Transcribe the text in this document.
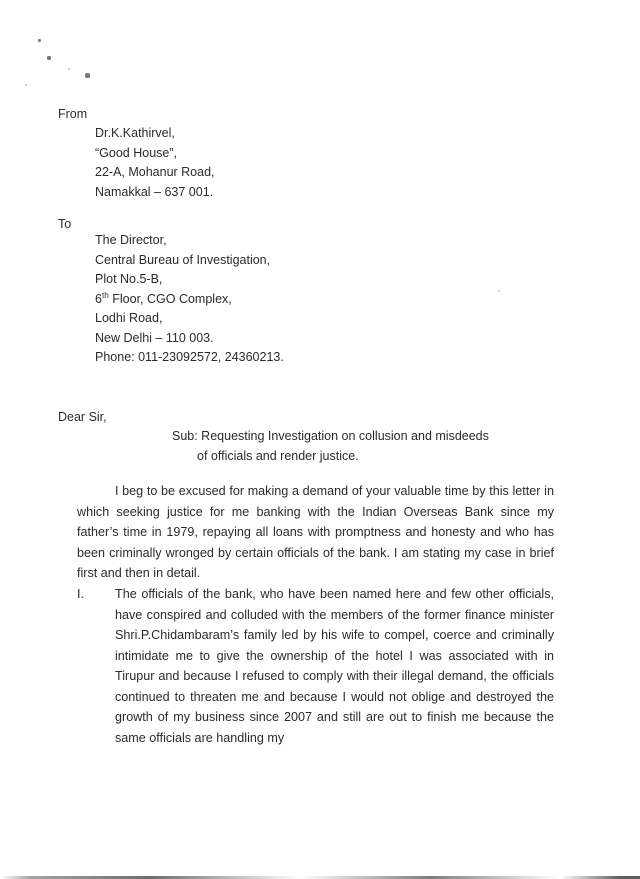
From
Dr.K.Kathirvel,
“Good House”,
22-A, Mohanur Road,
Namakkal – 637 001.
To
The Director,
Central Bureau of Investigation,
Plot No.5-B,
6th Floor, CGO Complex,
Lodhi Road,
New Delhi – 110 003.
Phone: 011-23092572, 24360213.
Dear Sir,
Sub: Requesting Investigation on collusion and misdeeds
of officials and render justice.
I beg to be excused for making a demand of your valuable time by this letter in which seeking justice for me banking with the Indian Overseas Bank since my father’s time in 1979, repaying all loans with promptness and honesty and who has been criminally wronged by certain officials of the bank. I am stating my case in brief first and then in detail.
I.	The officials of the bank, who have been named here and few other officials, have conspired and colluded with the members of the former finance minister Shri.P.Chidambaram’s family led by his wife to compel, coerce and criminally intimidate me to give the ownership of the hotel I was associated with in Tirupur and because I refused to comply with their illegal demand, the officials continued to threaten me and because I would not oblige and destroyed the growth of my business since 2007 and still are out to finish me because the same officials are handling my
